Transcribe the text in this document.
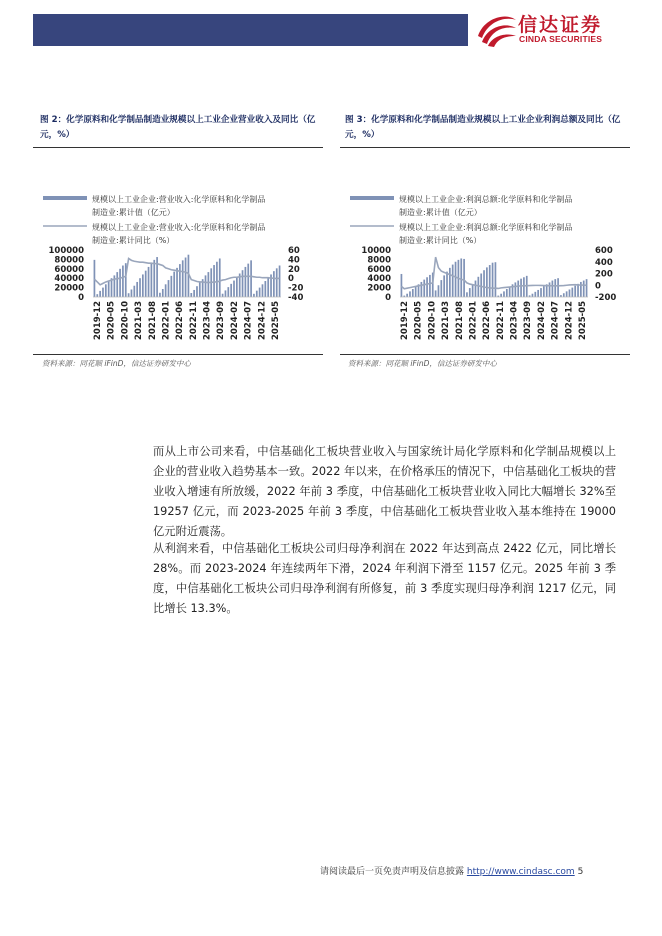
信达证券
CINDA SECURITIES
图 2：化学原料和化学制品制造业规模以上工业企业营业收入及同比（亿元，%）
图 3：化学原料和化学制品制造业规模以上工业企业利润总额及同比（亿元，%）
规模以上工业企业:营业收入:化学原料和化学制品
制造业:累计值（亿元）
规模以上工业企业:营业收入:化学原料和化学制品
制造业:累计同比（%）
100000
80000
60000
40000
20000
0
60
40
20
0
-20
-40
2019-12 2020-05 2020-10 2021-03 2021-08 2022-01 2022-06 2022-11 2023-04 2023-09 2024-02 2024-07 2024-12 2025-05
规模以上工业企业:利润总额:化学原料和化学制品
制造业:累计值（亿元）
规模以上工业企业:利润总额:化学原料和化学制品
制造业:累计同比（%）
10000
8000
6000
4000
2000
0
600
400
200
0
-200
2019-12 2020-05 2020-10 2021-03 2021-08 2022-01 2022-06 2022-11 2023-04 2023-09 2024-02 2024-07 2024-12 2025-05
资料来源：同花顺 iFinD，信达证券研发中心	资料来源：同花顺 iFinD，信达证券研发中心
而从上市公司来看，中信基础化工板块营业收入与国家统计局化学原料和化学制品规模以上企业的营业收入趋势基本一致。2022 年以来，在价格承压的情况下，中信基础化工板块的营业收入增速有所放缓，2022 年前 3 季度，中信基础化工板块营业收入同比大幅增长 32%至 19257 亿元，而 2023-2025 年前 3 季度，中信基础化工板块营业收入基本维持在 19000 亿元附近震荡。
从利润来看，中信基础化工板块公司归母净利润在 2022 年达到高点 2422 亿元，同比增长 28%。而 2023-2024 年连续两年下滑，2024 年利润下滑至 1157 亿元。2025 年前 3 季度，中信基础化工板块公司归母净利润有所修复，前 3 季度实现归母净利润 1217 亿元，同比增长 13.3%。
请阅读最后一页免责声明及信息披露 http://www.cindasc.com 5
